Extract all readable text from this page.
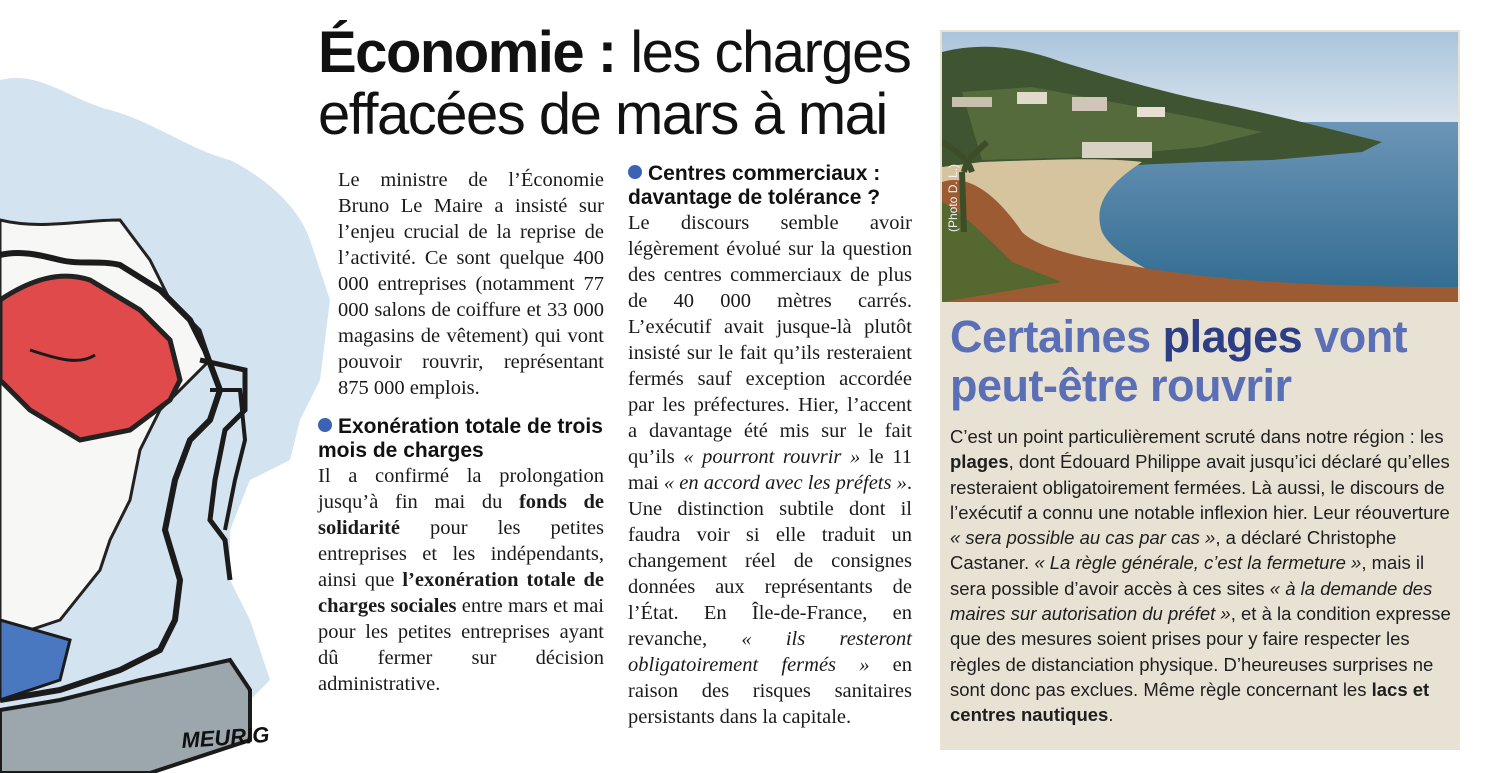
MEURIG
Économie : les charges effacées de mars à mai

Le ministre de l’Économie Bruno Le Maire a insisté sur l’enjeu crucial de la reprise de l’activité. Ce sont quelque 400 000 entreprises (notamment 77 000 salons de coiffure et 33 000 magasins de vêtement) qui vont pouvoir rouvrir, représentant 875 000 emplois.

Exonération totale de trois mois de charges

Il a confirmé la prolongation jusqu’à fin mai du fonds de solidarité pour les petites entreprises et les indépendants, ainsi que l’exonération totale de charges sociales entre mars et mai pour les petites entreprises ayant dû fermer sur décision administrative.

Centres commerciaux : davantage de tolérance ?

Le discours semble avoir légèrement évolué sur la question des centres commerciaux de plus de 40 000 mètres carrés. L’exécutif avait jusque-là plutôt insisté sur le fait qu’ils resteraient fermés sauf exception accordée par les préfectures. Hier, l’accent a davantage été mis sur le fait qu’ils « pourront rouvrir » le 11 mai « en accord avec les préfets ». Une distinction subtile dont il faudra voir si elle traduit un changement réel de consignes données aux représentants de l’État. En Île-de-France, en revanche, « ils resteront obligatoirement fermés » en raison des risques sanitaires persistants dans la capitale.

(Photo D. L.)
Certaines plages vont peut-être rouvrir

C’est un point particulièrement scruté dans notre région : les plages, dont Édouard Philippe avait jusqu’ici déclaré qu’elles resteraient obligatoirement fermées. Là aussi, le discours de l’exécutif a connu une notable inflexion hier. Leur réouverture « sera possible au cas par cas », a déclaré Christophe Castaner. « La règle générale, c’est la fermeture », mais il sera possible d’avoir accès à ces sites « à la demande des maires sur autorisation du préfet », et à la condition expresse que des mesures soient prises pour y faire respecter les règles de distanciation physique. D’heureuses surprises ne sont donc pas exclues. Même règle concernant les lacs et centres nautiques.
